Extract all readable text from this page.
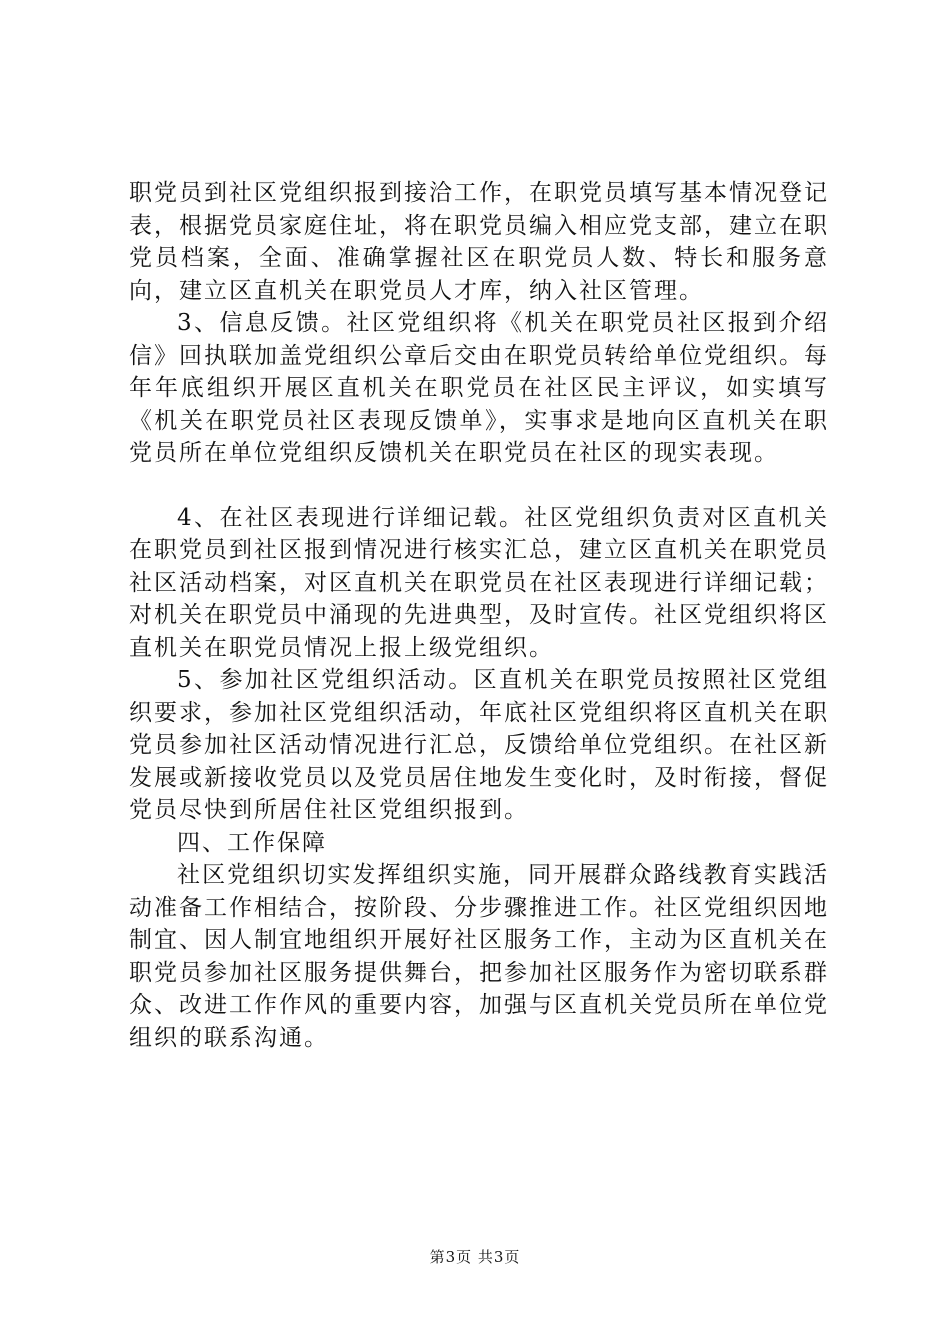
职党员到社区党组织报到接洽工作，在职党员填写基本情况登记表，根据党员家庭住址，将在职党员编入相应党支部，建立在职党员档案，全面、准确掌握社区在职党员人数、特长和服务意向，建立区直机关在职党员人才库，纳入社区管理。

3、信息反馈。社区党组织将《机关在职党员社区报到介绍信》回执联加盖党组织公章后交由在职党员转给单位党组织。每年年底组织开展区直机关在职党员在社区民主评议，如实填写《机关在职党员社区表现反馈单》，实事求是地向区直机关在职党员所在单位党组织反馈机关在职党员在社区的现实表现。

4、在社区表现进行详细记载。社区党组织负责对区直机关在职党员到社区报到情况进行核实汇总，建立区直机关在职党员社区活动档案，对区直机关在职党员在社区表现进行详细记载；对机关在职党员中涌现的先进典型，及时宣传。社区党组织将区直机关在职党员情况上报上级党组织。

5、参加社区党组织活动。区直机关在职党员按照社区党组织要求，参加社区党组织活动，年底社区党组织将区直机关在职党员参加社区活动情况进行汇总，反馈给单位党组织。在社区新发展或新接收党员以及党员居住地发生变化时，及时衔接，督促党员尽快到所居住社区党组织报到。

四、工作保障

社区党组织切实发挥组织实施，同开展群众路线教育实践活动准备工作相结合，按阶段、分步骤推进工作。社区党组织因地制宜、因人制宜地组织开展好社区服务工作，主动为区直机关在职党员参加社区服务提供舞台，把参加社区服务作为密切联系群众、改进工作作风的重要内容，加强与区直机关党员所在单位党组织的联系沟通。

第3页 共3页
